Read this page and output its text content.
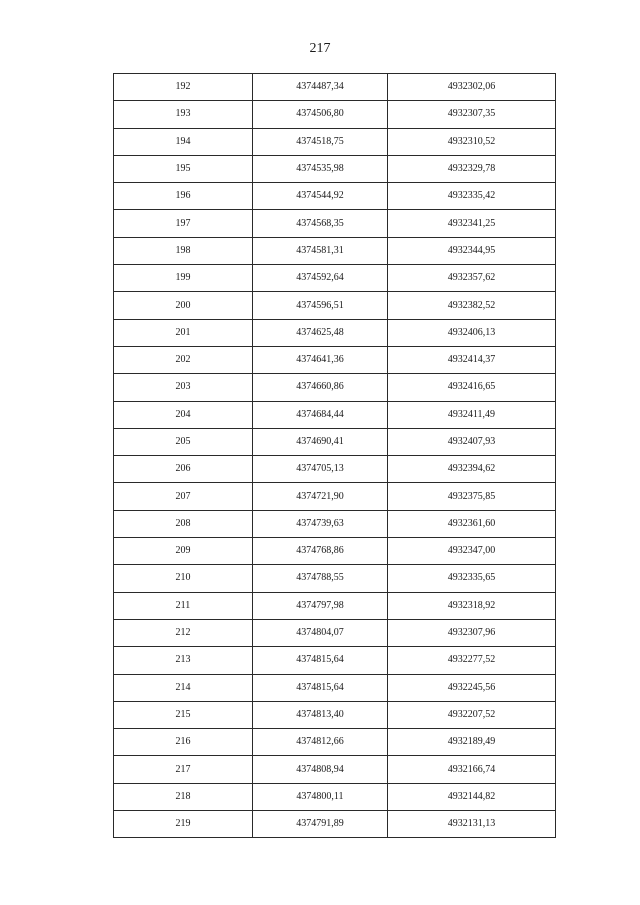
217
192	4374487,34	4932302,06
193	4374506,80	4932307,35
194	4374518,75	4932310,52
195	4374535,98	4932329,78
196	4374544,92	4932335,42
197	4374568,35	4932341,25
198	4374581,31	4932344,95
199	4374592,64	4932357,62
200	4374596,51	4932382,52
201	4374625,48	4932406,13
202	4374641,36	4932414,37
203	4374660,86	4932416,65
204	4374684,44	4932411,49
205	4374690,41	4932407,93
206	4374705,13	4932394,62
207	4374721,90	4932375,85
208	4374739,63	4932361,60
209	4374768,86	4932347,00
210	4374788,55	4932335,65
211	4374797,98	4932318,92
212	4374804,07	4932307,96
213	4374815,64	4932277,52
214	4374815,64	4932245,56
215	4374813,40	4932207,52
216	4374812,66	4932189,49
217	4374808,94	4932166,74
218	4374800,11	4932144,82
219	4374791,89	4932131,13
